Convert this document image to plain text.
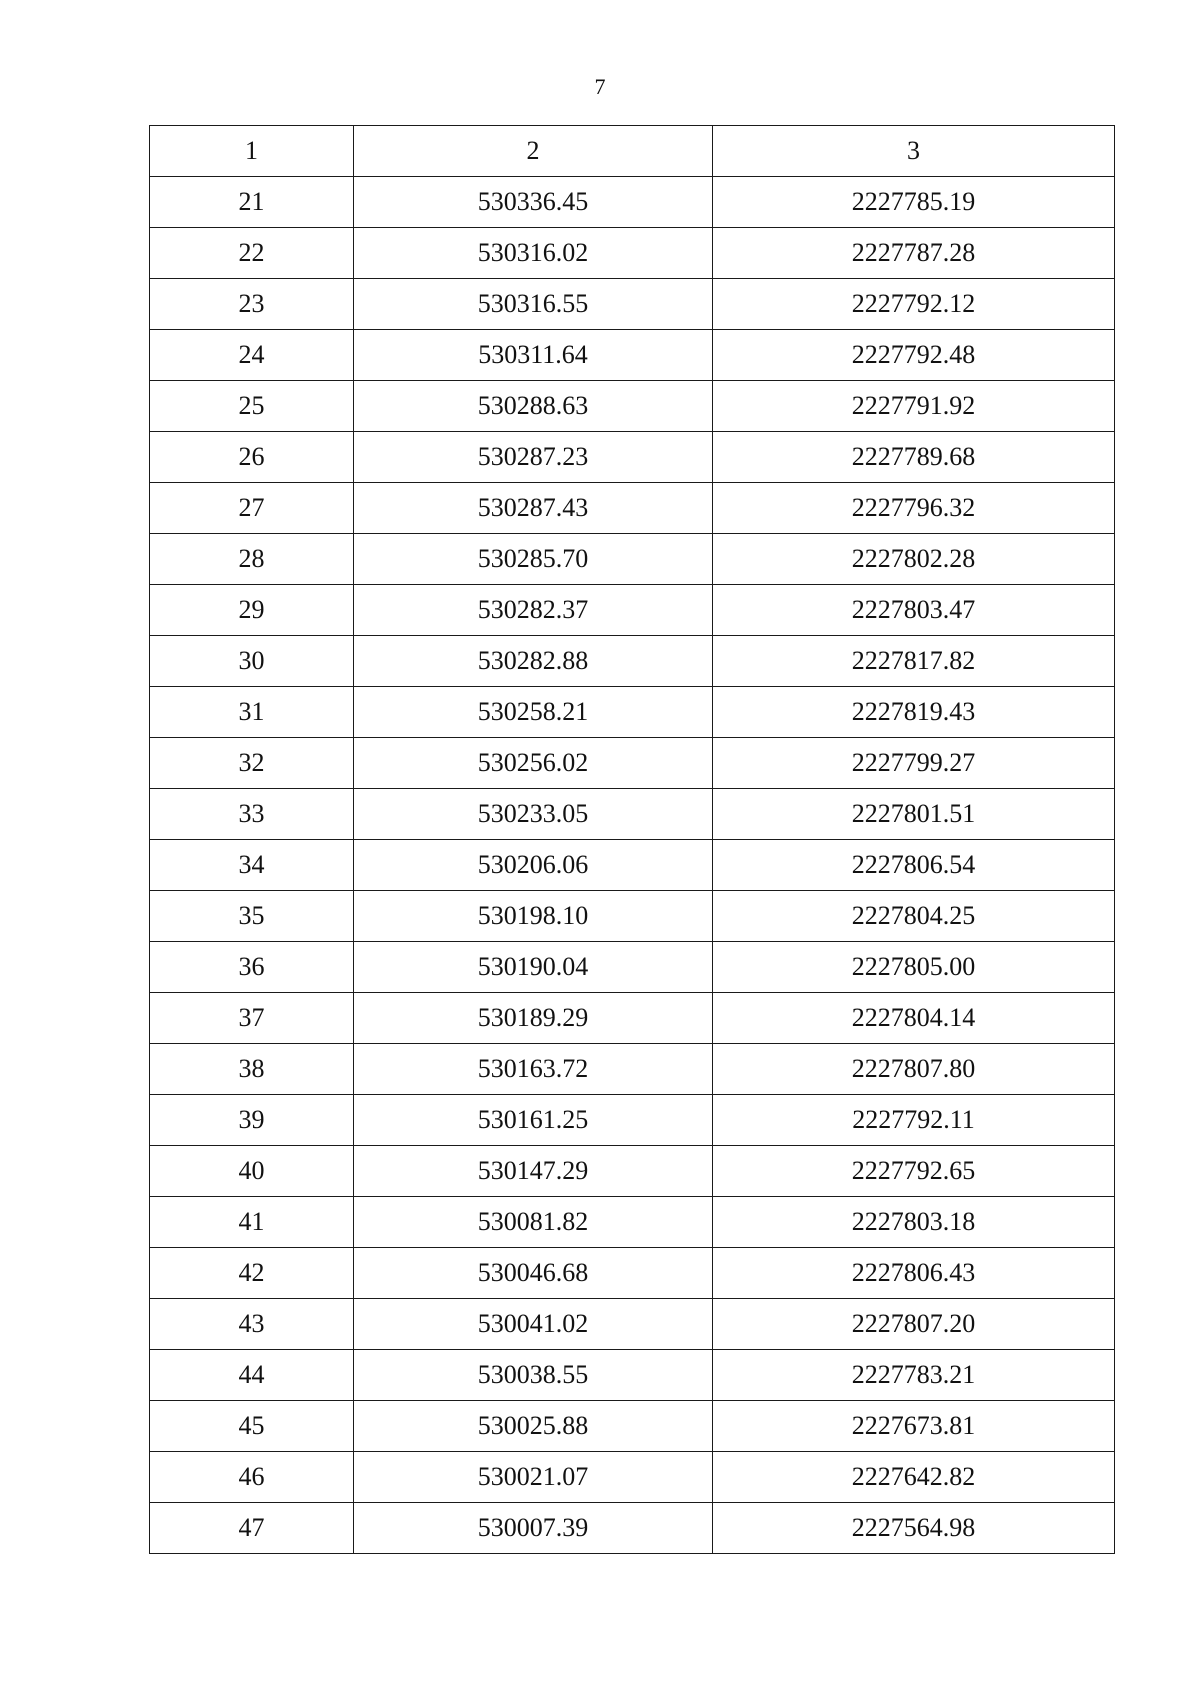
7
1	2	3
21	530336.45	2227785.19
22	530316.02	2227787.28
23	530316.55	2227792.12
24	530311.64	2227792.48
25	530288.63	2227791.92
26	530287.23	2227789.68
27	530287.43	2227796.32
28	530285.70	2227802.28
29	530282.37	2227803.47
30	530282.88	2227817.82
31	530258.21	2227819.43
32	530256.02	2227799.27
33	530233.05	2227801.51
34	530206.06	2227806.54
35	530198.10	2227804.25
36	530190.04	2227805.00
37	530189.29	2227804.14
38	530163.72	2227807.80
39	530161.25	2227792.11
40	530147.29	2227792.65
41	530081.82	2227803.18
42	530046.68	2227806.43
43	530041.02	2227807.20
44	530038.55	2227783.21
45	530025.88	2227673.81
46	530021.07	2227642.82
47	530007.39	2227564.98
